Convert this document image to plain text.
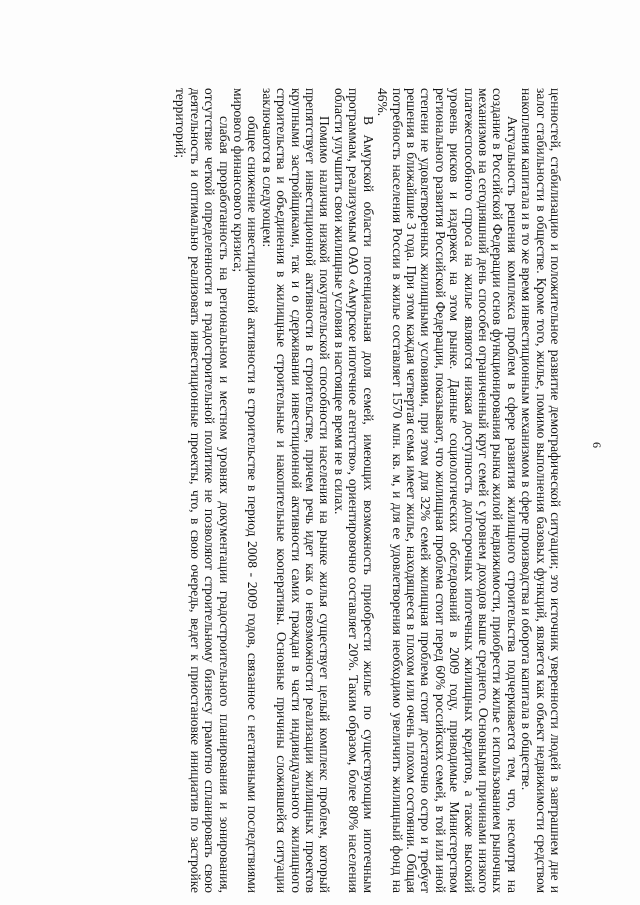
6

ценностей, стабилизацию и положительное развитие демографической ситуации; это источник уверенности людей в завтрашнем дне и залог стабильности в обществе. Кроме того, жилье, помимо выполнения базовых функций, является как объект недвижимости средством накопления капитала и в то же время инвестиционным механизмом в сфере производства и оборота капитала в обществе.

Актуальность решения комплекса проблем в сфере развития жилищного строительства подчеркивается тем, что, несмотря на создание в Российской Федерации основ функционирования рынка жилой недвижимости, приобрести жилье с использованием рыночных механизмов на сегодняшний день способен ограниченный круг семей с уровнем доходов выше среднего. Основными причинами низкого платежеспособного спроса на жилье являются низкая доступность долгосрочных ипотечных жилищных кредитов, а также высокий уровень рисков и издержек на этом рынке. Данные социологических обследований в 2009 году, приводимые Министерством регионального развития Российской Федерации, показывают, что жилищная проблема стоит перед 60% российских семей, в той или иной степени не удовлетворенных жилищными условиями, при этом для 32% семей жилищная проблема стоит достаточно остро и требует решения в ближайшие 3 года. При этом каждая четвертая семья имеет жилье, находящееся в плохом или очень плохом состоянии. Общая потребность населения России в жилье составляет 1570 млн. кв. м, и для ее удовлетворения необходимо увеличить жилищный фонд на 46%.

В Амурской области потенциальная доля семей, имеющих возможность приобрести жилье по существующим ипотечным программам, реализуемым ОАО «Амурское ипотечное агентство», ориентировочно составляет 20%. Таким образом, более 80% населения области улучшить свои жилищные условия в настоящее время не в силах.

Помимо наличия низкой покупательской способности населения на рынке жилья существует целый комплекс проблем, который препятствует инвестиционной активности в строительстве, причем речь идет как о невозможности реализации жилищных проектов крупными застройщиками, так и о сдерживании инвестиционной активности самих граждан в части индивидуального жилищного строительства и объединения в жилищные строительные и накопительные кооперативы. Основные причины сложившейся ситуации заключаются в следующем:

общее снижение инвестиционной активности в строительстве в период 2008 - 2009 годов, связанное с негативными последствиями мирового финансового кризиса;

слабая проработанность на региональном и местном уровнях документации градостроительного планирования и зонирования, отсутствие четкой определенности в градостроительной политике не позволяют строительному бизнесу грамотно спланировать свою деятельность и оптимально реализовать инвестиционные проекты, что, в свою очередь, ведет к приостановке инициатив по застройке территорий;
